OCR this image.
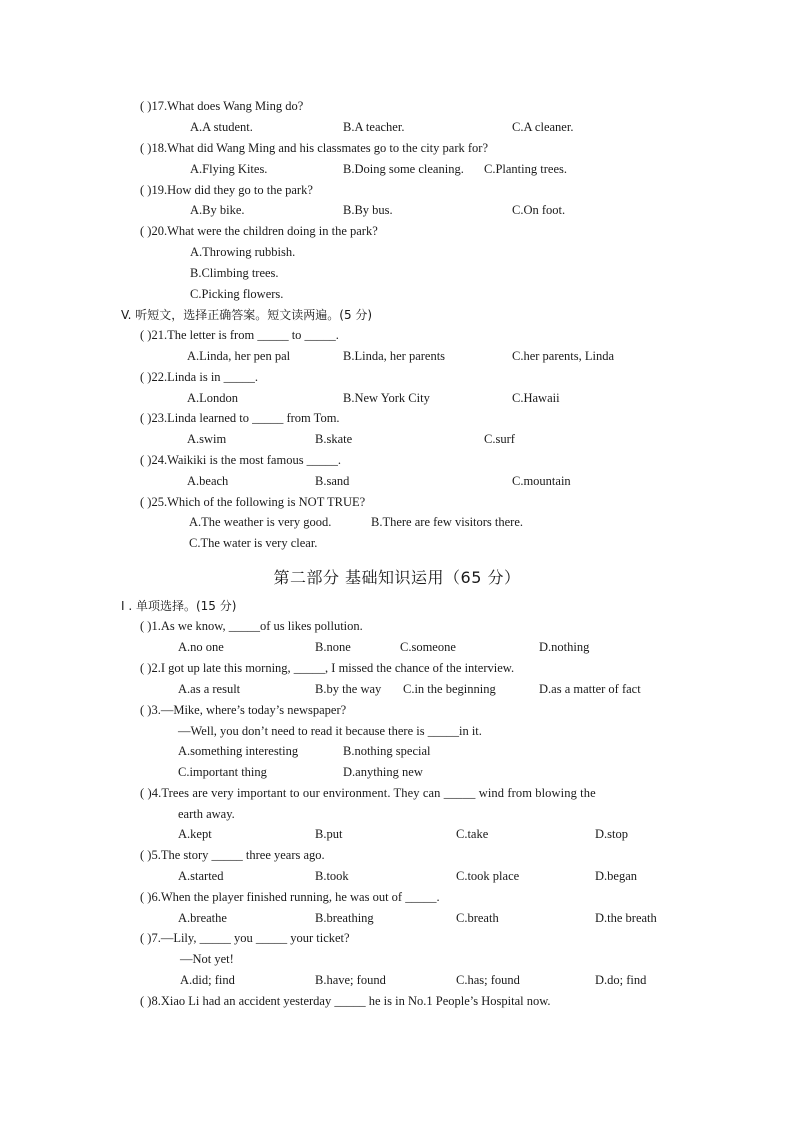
( )17.What does Wang Ming do?
A.A student.	B.A teacher.	C.A cleaner.
( )18.What did Wang Ming and his classmates go to the city park for?
A.Flying Kites.	B.Doing some cleaning. C.Planting trees.
( )19.How did they go to the park?
A.By bike.	B.By bus.	C.On foot.
( )20.What were the children doing in the park?
A.Throwing rubbish.
B.Climbing trees.
C.Picking flowers.
V. 听短文，选择正确答案。短文读两遍。(5 分)
( )21.The letter is from _____ to _____.
A.Linda, her pen pal	B.Linda, her parents	C.her parents, Linda
( )22.Linda is in _____.
A.London	B.New York City	C.Hawaii
( )23.Linda learned to _____ from Tom.
A.swim	B.skate	C.surf
( )24.Waikiki is the most famous _____.
A.beach	B.sand	C.mountain
( )25.Which of the following is NOT TRUE?
A.The weather is very good.	B.There are few visitors there.
C.The water is very clear.
第二部分 基础知识运用（65 分）
I . 单项选择。(15 分)
( )1.As we know, _____of us likes pollution.
A.no one	B.none	C.someone	D.nothing
( )2.I got up late this morning, _____, I missed the chance of the interview.
A.as a result	B.by the way C.in the beginning	D.as a matter of fact
( )3.—Mike, where’s today’s newspaper?
—Well, you don’t need to read it because there is _____in it.
A.something interesting	B.nothing special
C.important thing	D.anything new
( )4.Trees are very important to our environment. They can _____ wind from blowing the
earth away.
A.kept	B.put	C.take	D.stop
( )5.The story _____ three years ago.
A.started	B.took	C.took place	D.began
( )6.When the player finished running, he was out of _____.
A.breathe	B.breathing	C.breath	D.the breath
( )7.—Lily, _____ you _____ your ticket?
—Not yet!
A.did; find	B.have; found	C.has; found	D.do; find
( )8.Xiao Li had an accident yesterday _____ he is in No.1 People’s Hospital now.
